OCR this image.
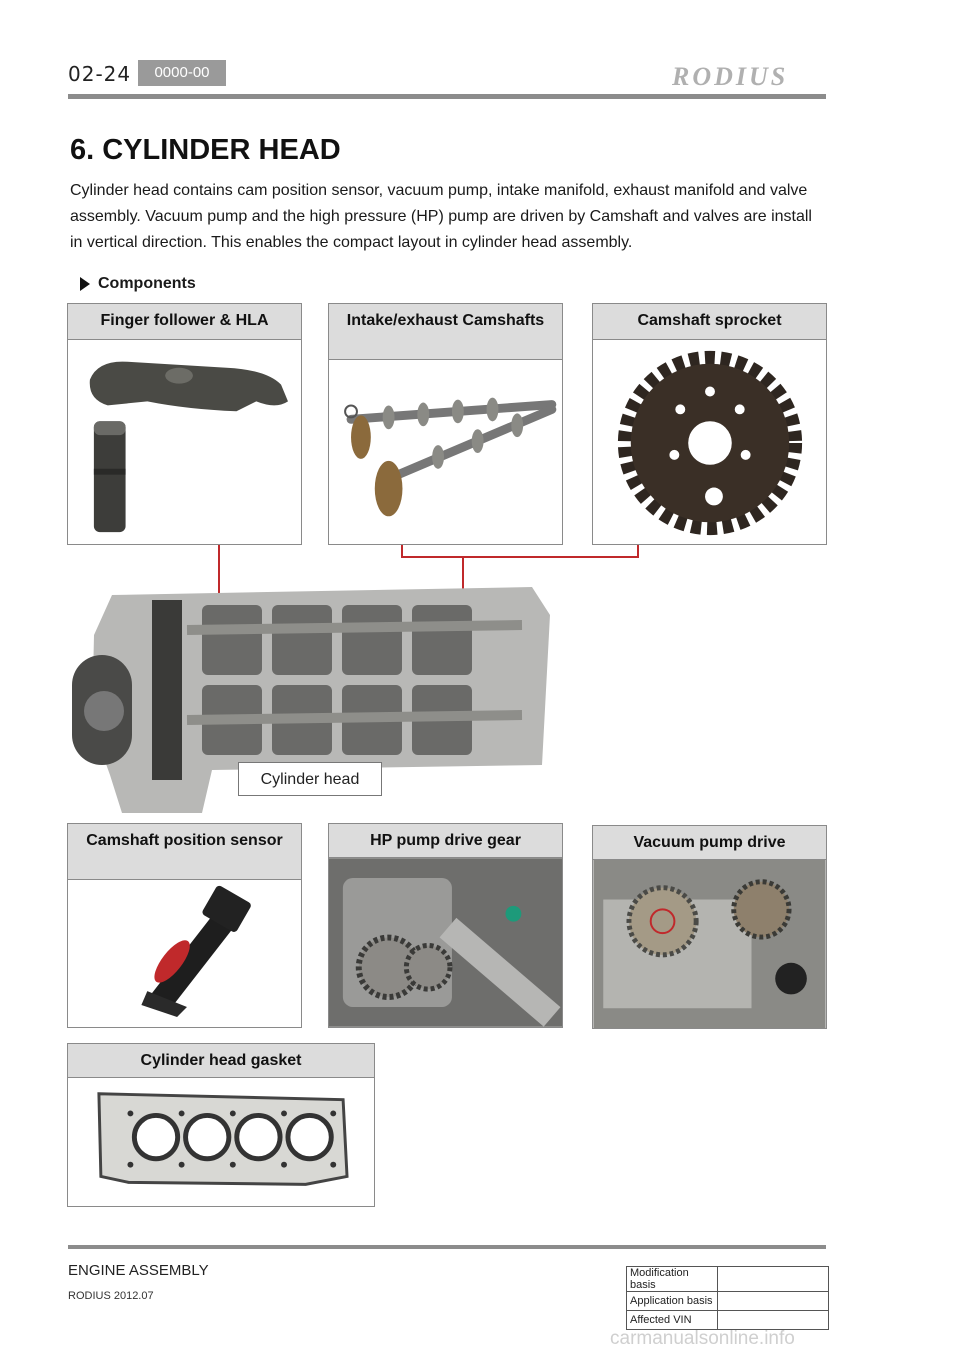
02-24	0000-00	RODIUS
6. CYLINDER HEAD

Cylinder head contains cam position sensor, vacuum pump, intake manifold, exhaust manifold and valve assembly. Vacuum pump and the high pressure (HP) pump are driven by Camshaft and valves are install in vertical direction. This enables the compact layout in cylinder head assembly.

Components
Finger follower & HLA	Intake/exhaust Camshafts	Camshaft sprocket
Cylinder head
Camshaft position sensor	HP pump drive gear	Vacuum pump drive
Cylinder head gasket
ENGINE ASSEMBLY
RODIUS 2012.07
Modification basis	
Application basis	
Affected VIN	
carmanualsonline.info
